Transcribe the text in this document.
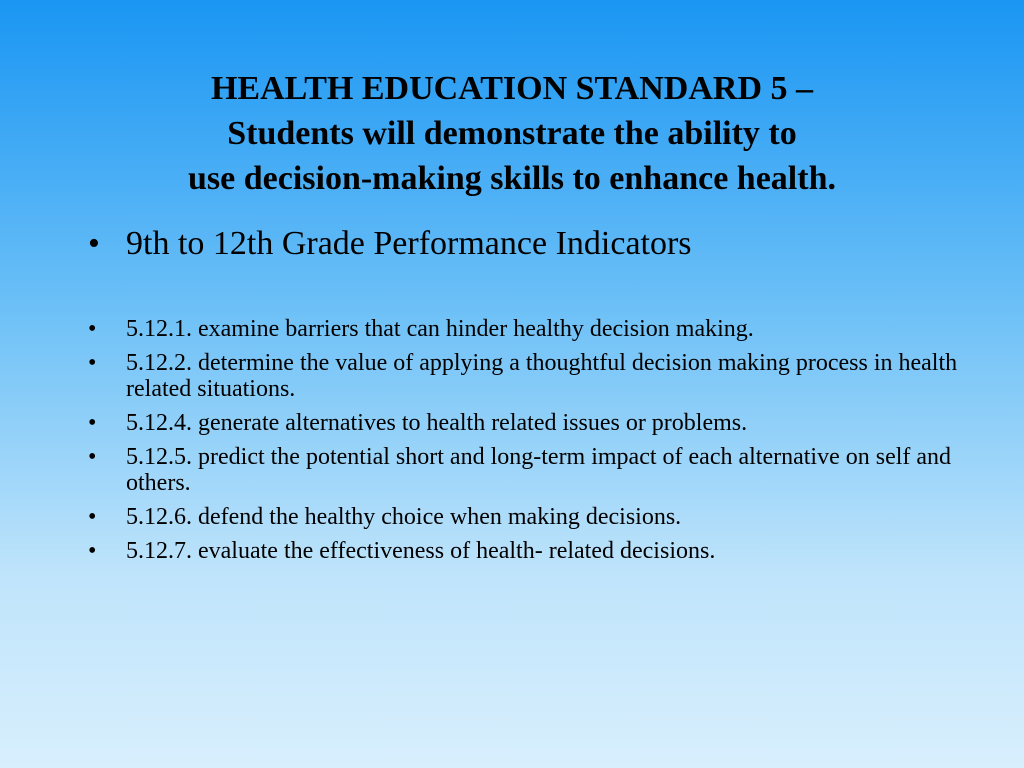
HEALTH EDUCATION STANDARD 5 –
Students will demonstrate the ability to
use decision-making skills to enhance health.
• 9th to 12th Grade Performance Indicators
• 5.12.1. examine barriers that can hinder healthy decision making.
• 5.12.2. determine the value of applying a thoughtful decision making process in health related situations.
• 5.12.4. generate alternatives to health related issues or problems.
• 5.12.5. predict the potential short and long-term impact of each alternative on self and others.
• 5.12.6. defend the healthy choice when making decisions.
• 5.12.7. evaluate the effectiveness of health- related decisions.
